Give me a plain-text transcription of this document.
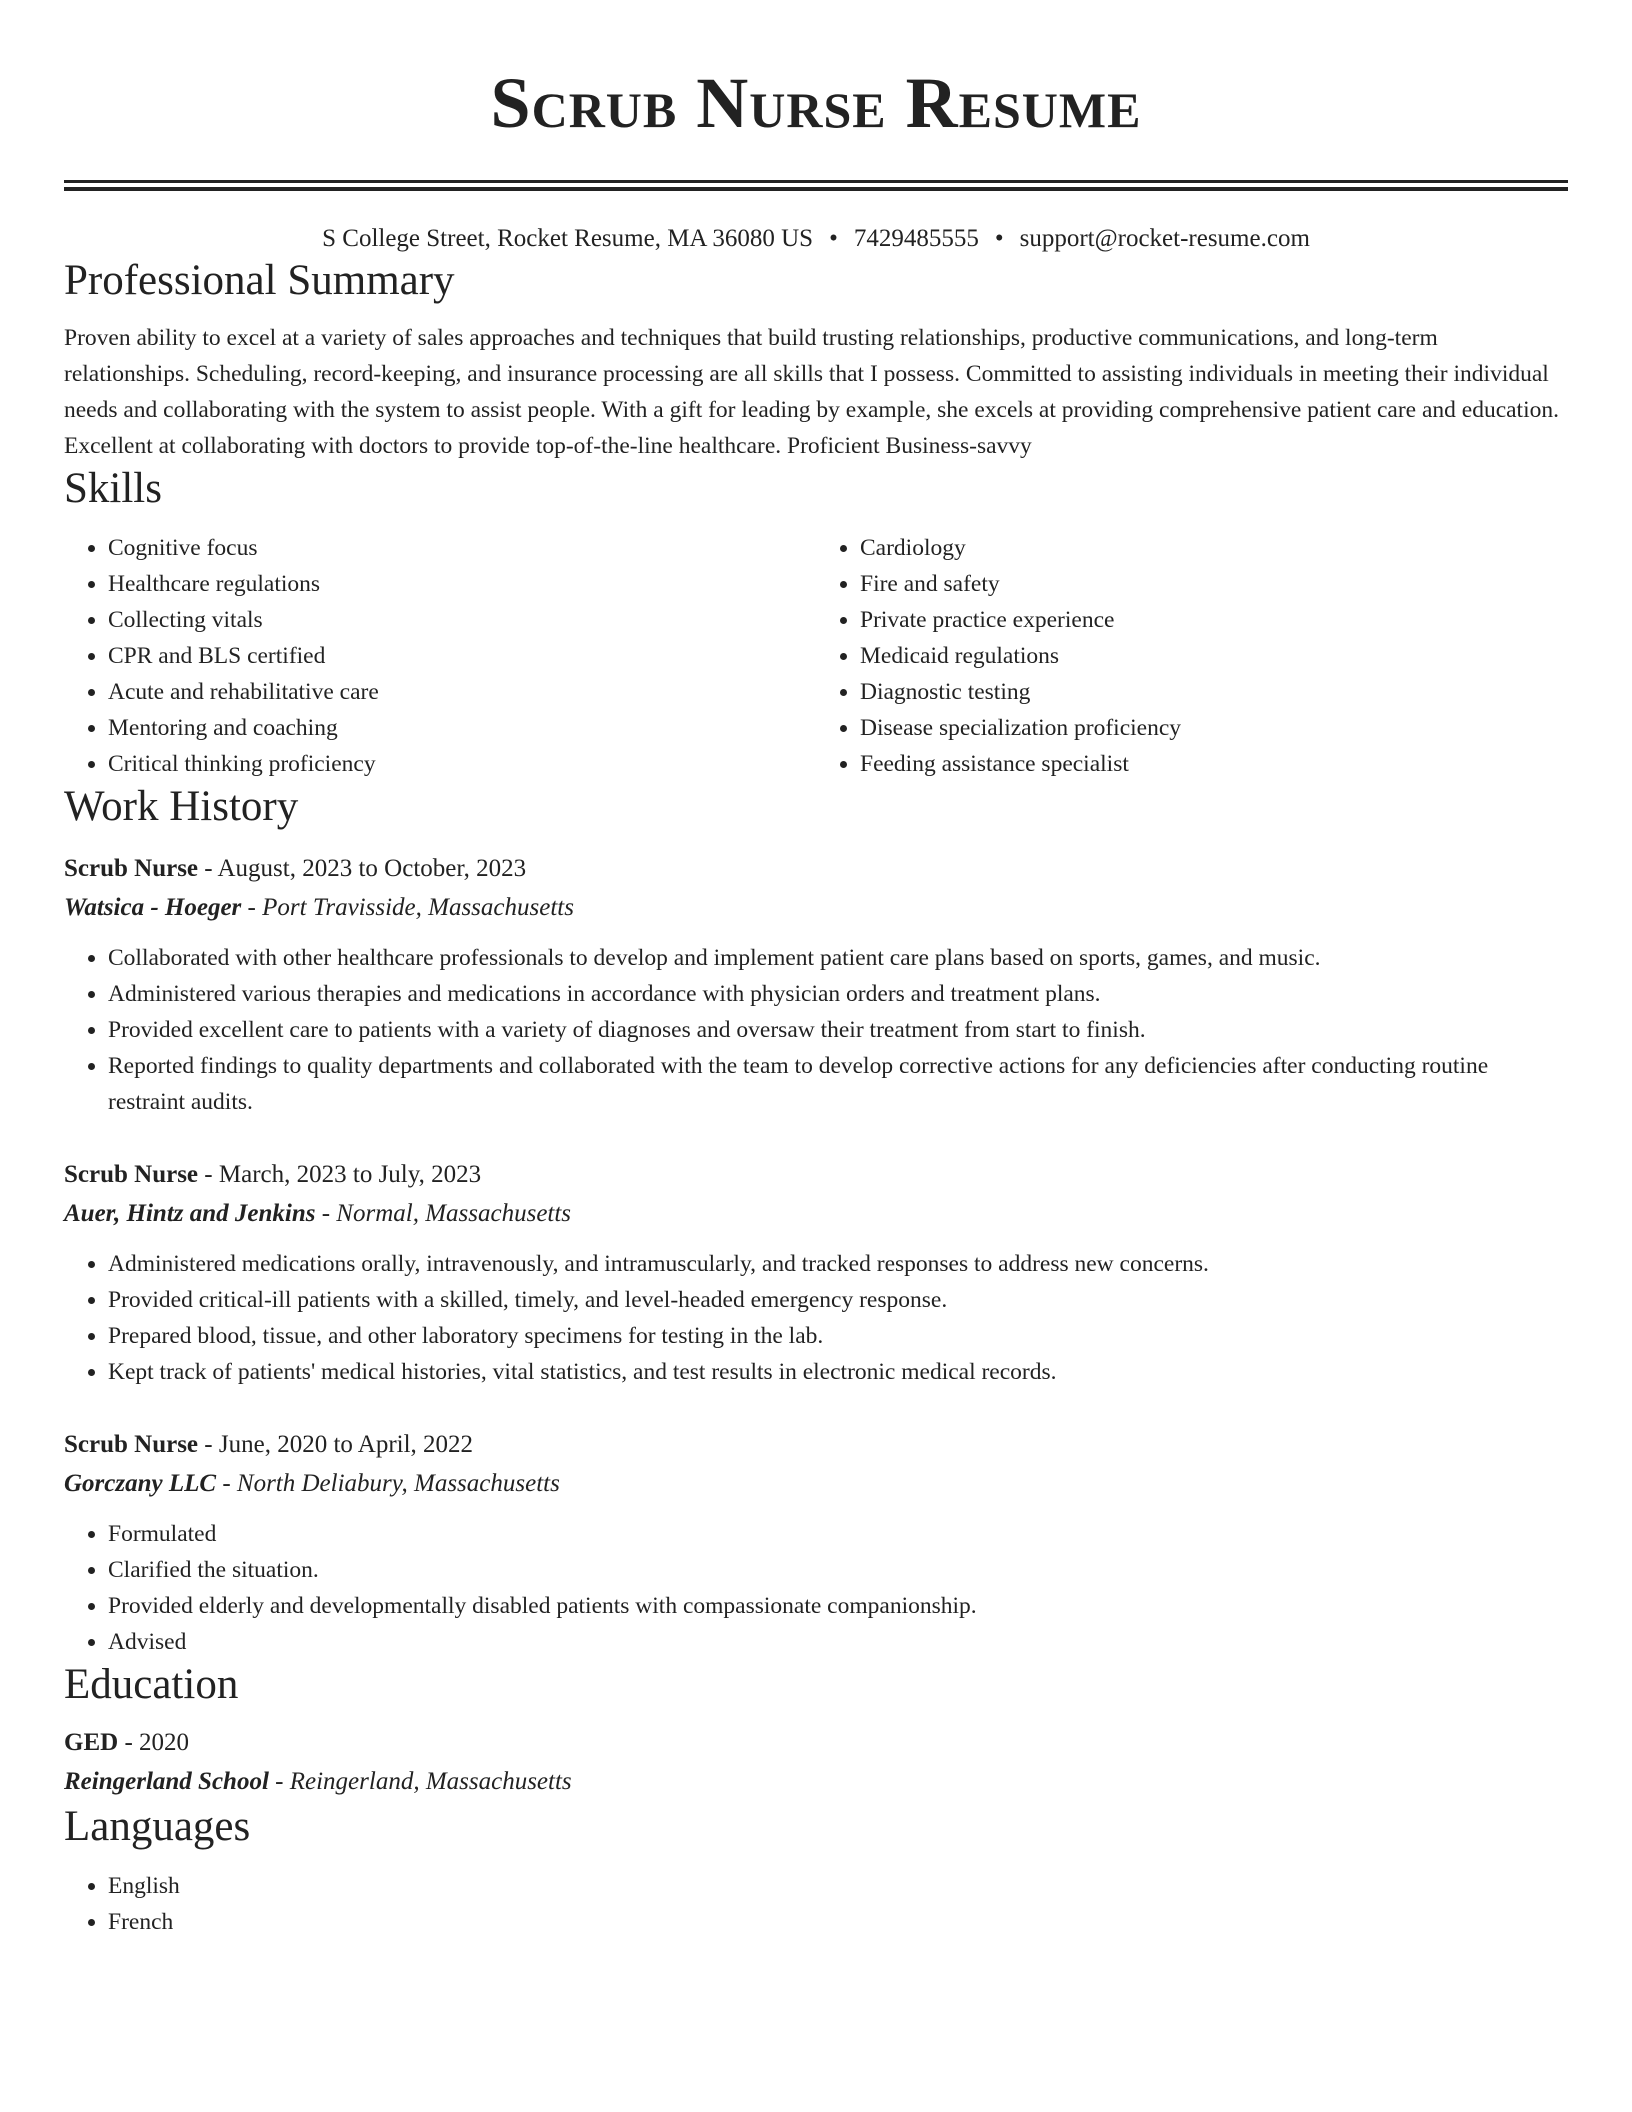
Scrub Nurse Resume
S College Street, Rocket Resume, MA 36080 US • 7429485555 • support@rocket-resume.com
Professional Summary
Proven ability to excel at a variety of sales approaches and techniques that build trusting relationships, productive communications, and long-term relationships. Scheduling, record-keeping, and insurance processing are all skills that I possess. Committed to assisting individuals in meeting their individual needs and collaborating with the system to assist people. With a gift for leading by example, she excels at providing comprehensive patient care and education. Excellent at collaborating with doctors to provide top-of-the-line healthcare. Proficient Business-savvy
Skills
• Cognitive focus
• Healthcare regulations
• Collecting vitals
• CPR and BLS certified
• Acute and rehabilitative care
• Mentoring and coaching
• Critical thinking proficiency
• Cardiology
• Fire and safety
• Private practice experience
• Medicaid regulations
• Diagnostic testing
• Disease specialization proficiency
• Feeding assistance specialist
Work History
Scrub Nurse - August, 2023 to October, 2023
Watsica - Hoeger - Port Travisside, Massachusetts
• Collaborated with other healthcare professionals to develop and implement patient care plans based on sports, games, and music.
• Administered various therapies and medications in accordance with physician orders and treatment plans.
• Provided excellent care to patients with a variety of diagnoses and oversaw their treatment from start to finish.
• Reported findings to quality departments and collaborated with the team to develop corrective actions for any deficiencies after conducting routine restraint audits.
Scrub Nurse - March, 2023 to July, 2023
Auer, Hintz and Jenkins - Normal, Massachusetts
• Administered medications orally, intravenously, and intramuscularly, and tracked responses to address new concerns.
• Provided critical-ill patients with a skilled, timely, and level-headed emergency response.
• Prepared blood, tissue, and other laboratory specimens for testing in the lab.
• Kept track of patients' medical histories, vital statistics, and test results in electronic medical records.
Scrub Nurse - June, 2020 to April, 2022
Gorczany LLC - North Deliabury, Massachusetts
• Formulated
• Clarified the situation.
• Provided elderly and developmentally disabled patients with compassionate companionship.
• Advised
Education
GED - 2020
Reingerland School - Reingerland, Massachusetts
Languages
• English
• French
